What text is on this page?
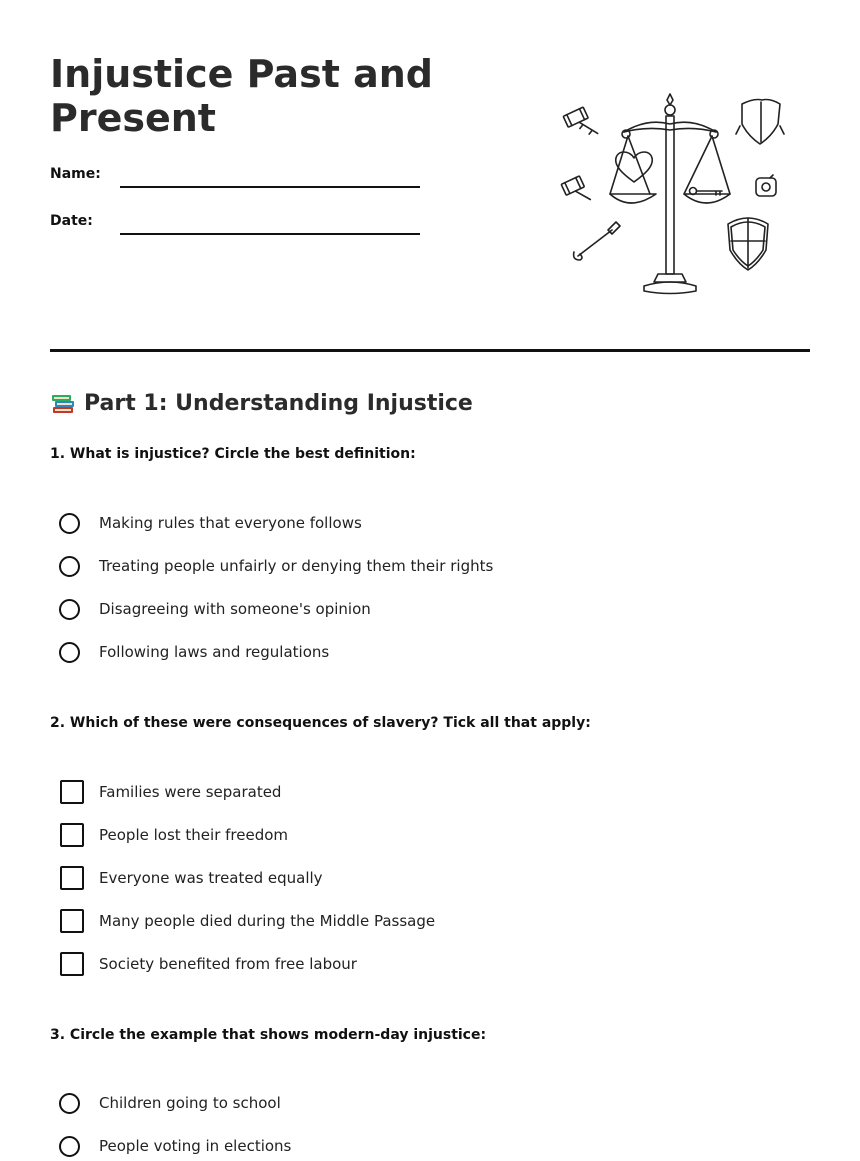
Injustice Past and Present
Name:
Date:
Part 1: Understanding Injustice

1. What is injustice? Circle the best definition:

Making rules that everyone follows
Treating people unfairly or denying them their rights
Disagreeing with someone's opinion
Following laws and regulations

2. Which of these were consequences of slavery? Tick all that apply:

Families were separated
People lost their freedom
Everyone was treated equally
Many people died during the Middle Passage
Society benefited from free labour

3. Circle the example that shows modern-day injustice:

Children going to school
People voting in elections
